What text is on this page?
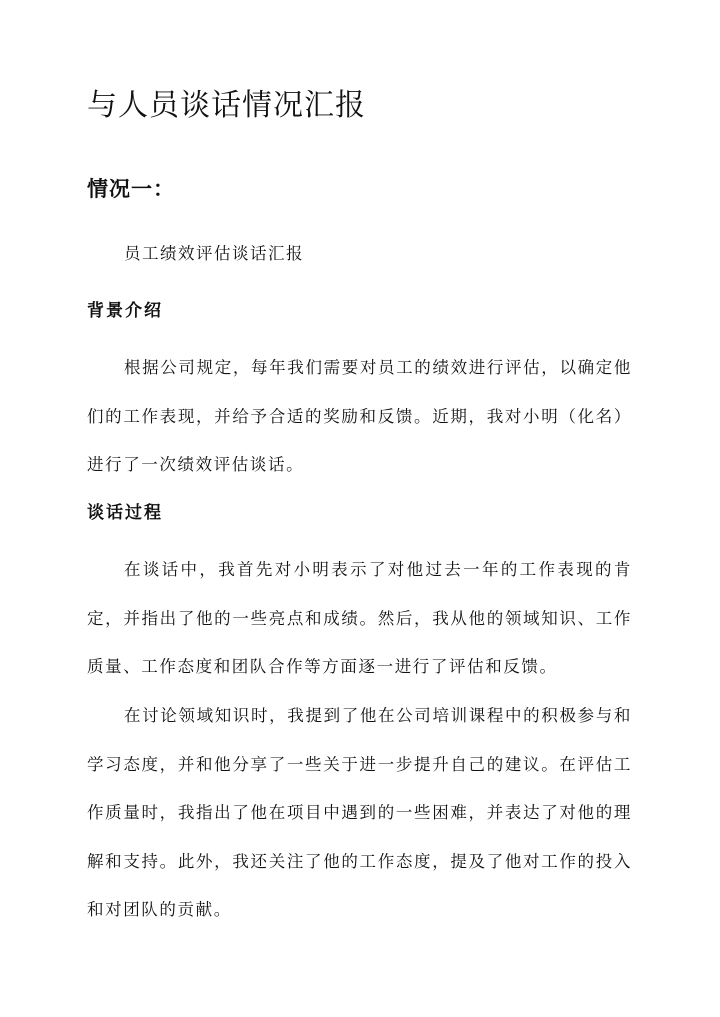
与人员谈话情况汇报
情况一：

员工绩效评估谈话汇报

背景介绍

根据公司规定，每年我们需要对员工的绩效进行评估，以确定他们的工作表现，并给予合适的奖励和反馈。近期，我对小明（化名）进行了一次绩效评估谈话。

谈话过程

在谈话中，我首先对小明表示了对他过去一年的工作表现的肯定，并指出了他的一些亮点和成绩。然后，我从他的领域知识、工作质量、工作态度和团队合作等方面逐一进行了评估和反馈。

在讨论领域知识时，我提到了他在公司培训课程中的积极参与和学习态度，并和他分享了一些关于进一步提升自己的建议。在评估工作质量时，我指出了他在项目中遇到的一些困难，并表达了对他的理解和支持。此外，我还关注了他的工作态度，提及了他对工作的投入和对团队的贡献。
